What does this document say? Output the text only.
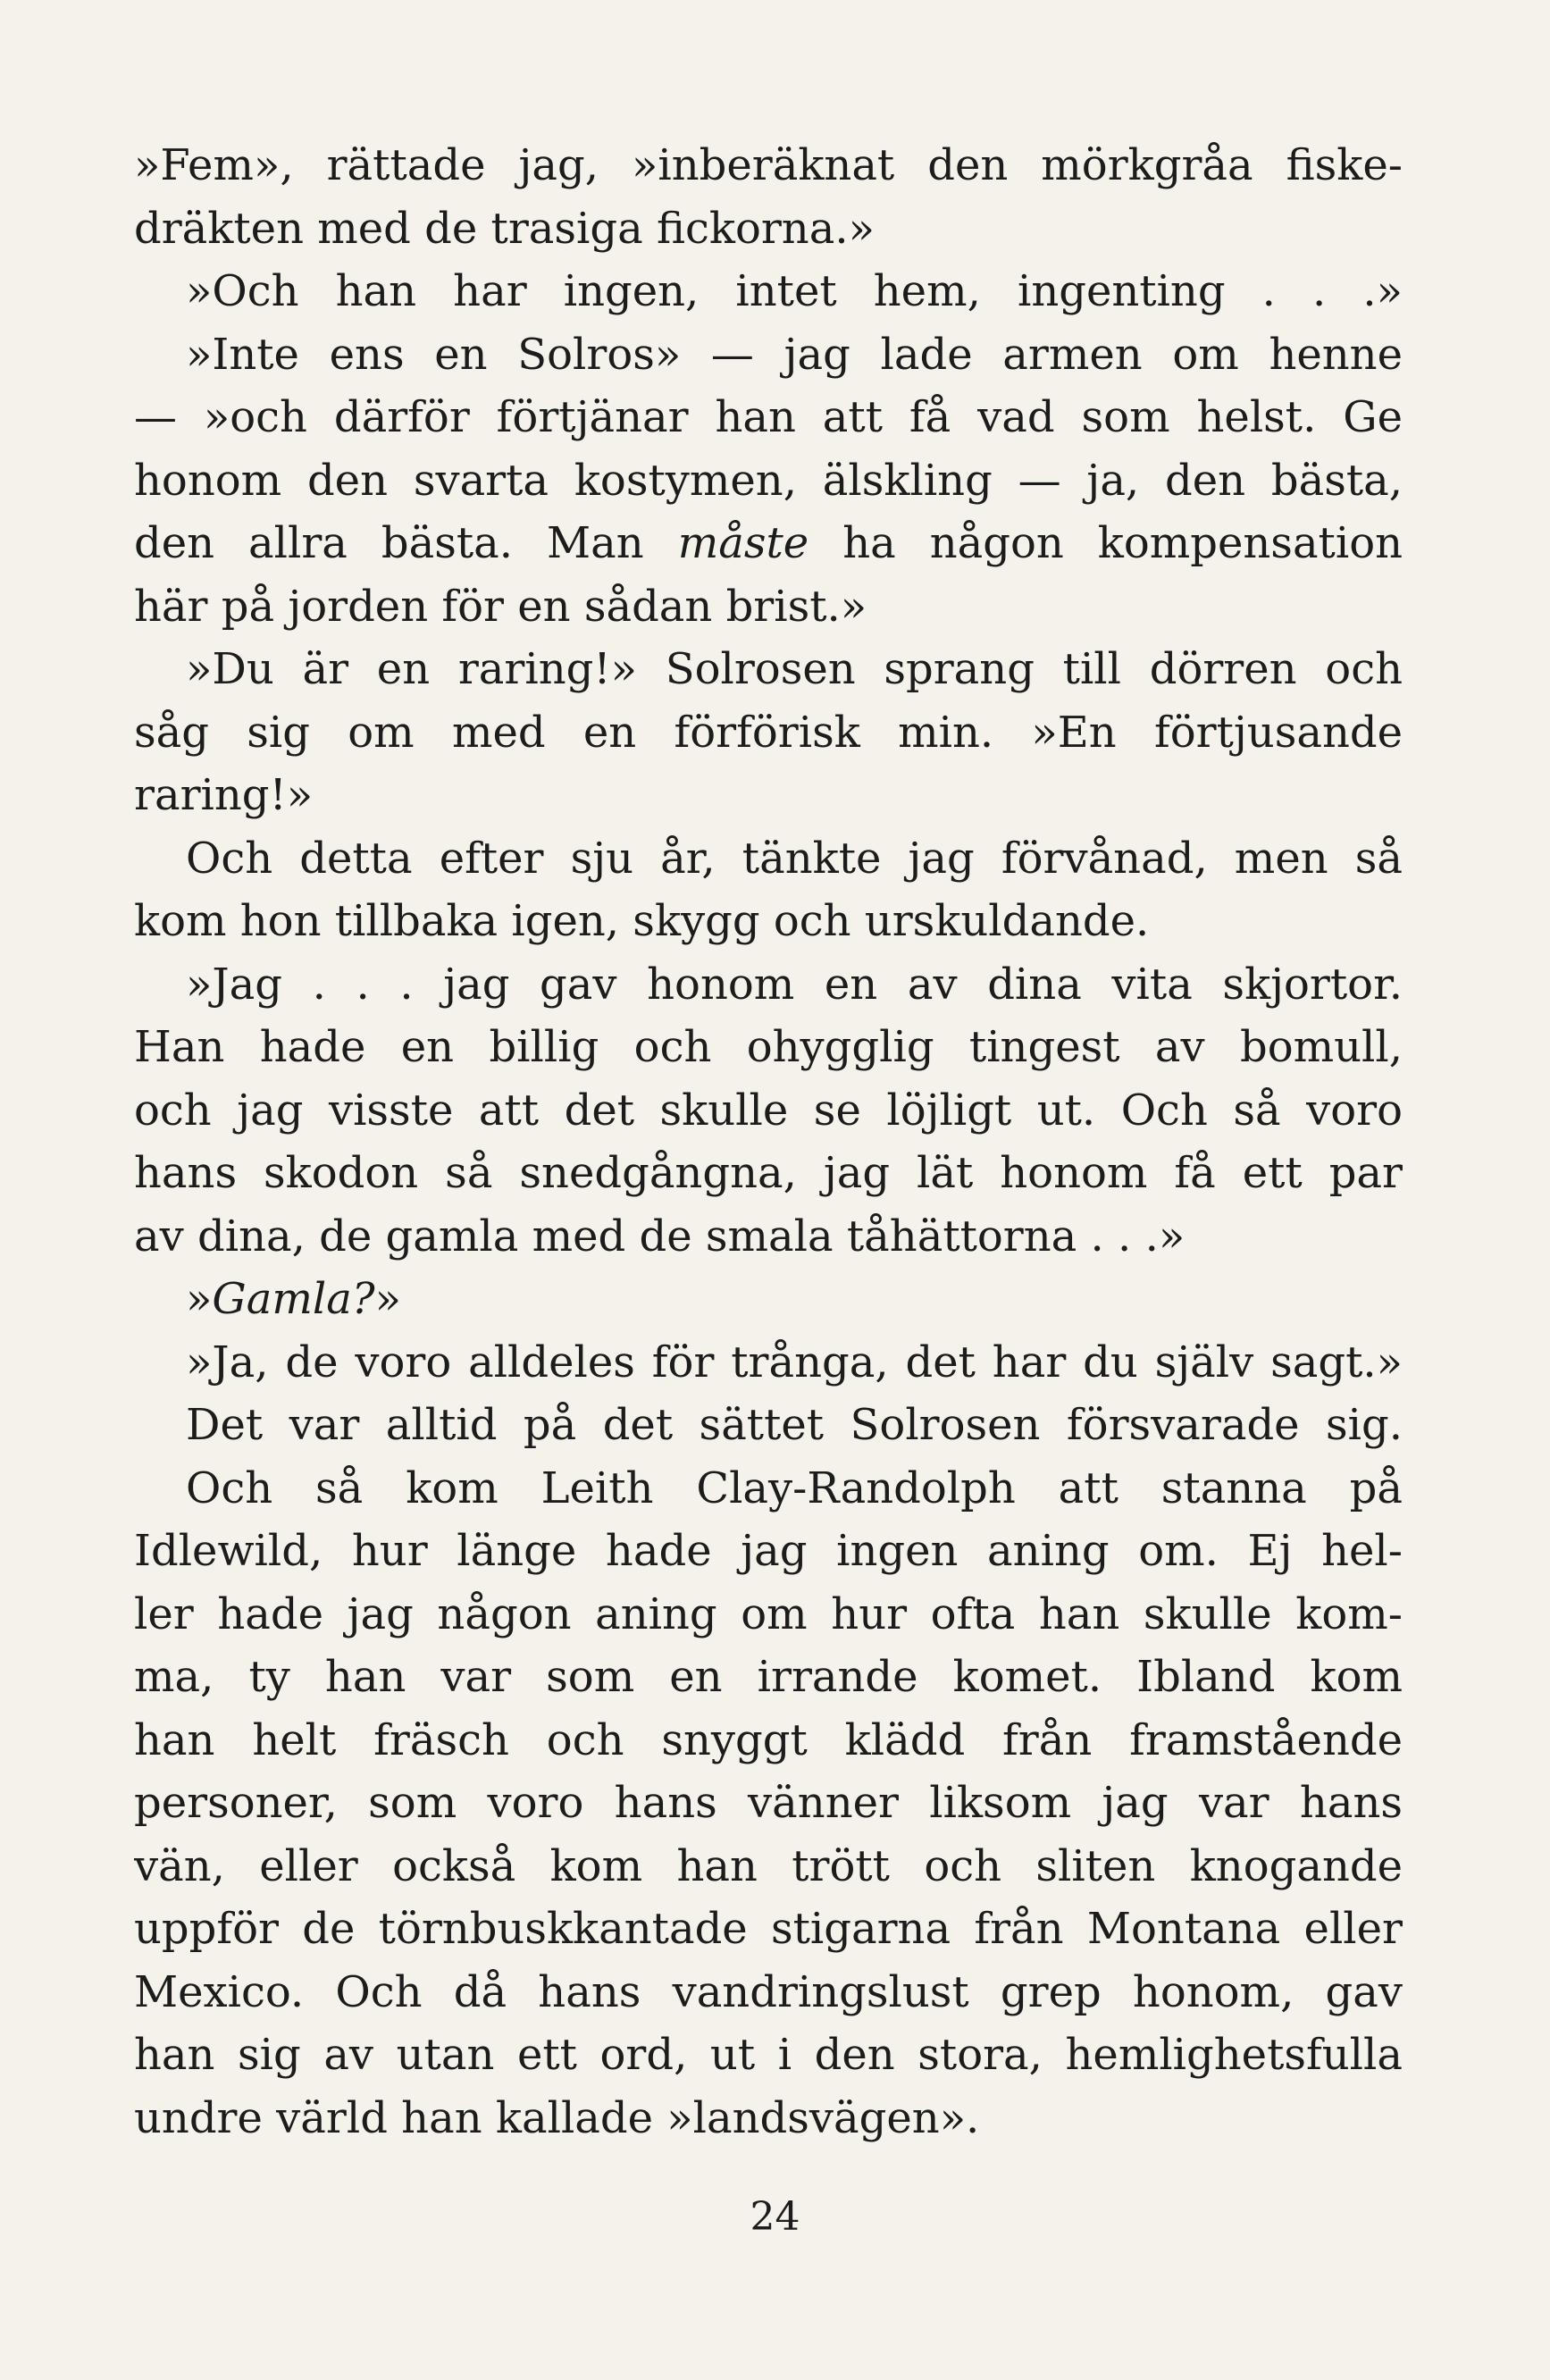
»Fem», rättade jag, »inberäknat den mörkgråa fiske-
dräkten med de trasiga fickorna.»
»Och han har ingen, intet hem, ingenting . . .»
»Inte ens en Solros» — jag lade armen om henne
— »och därför förtjänar han att få vad som helst. Ge
honom den svarta kostymen, älskling — ja, den bästa,
den allra bästa. Man måste ha någon kompensation
här på jorden för en sådan brist.»
»Du är en raring!» Solrosen sprang till dörren och
såg sig om med en förförisk min. »En förtjusande
raring!»
Och detta efter sju år, tänkte jag förvånad, men så
kom hon tillbaka igen, skygg och urskuldande.
»Jag . . . jag gav honom en av dina vita skjortor.
Han hade en billig och ohygglig tingest av bomull,
och jag visste att det skulle se löjligt ut. Och så voro
hans skodon så snedgångna, jag lät honom få ett par
av dina, de gamla med de smala tåhättorna . . .»
»Gamla?»
»Ja, de voro alldeles för trånga, det har du själv sagt.»
Det var alltid på det sättet Solrosen försvarade sig.
Och så kom Leith Clay-Randolph att stanna på
Idlewild, hur länge hade jag ingen aning om. Ej hel-
ler hade jag någon aning om hur ofta han skulle kom-
ma, ty han var som en irrande komet. Ibland kom
han helt fräsch och snyggt klädd från framstående
personer, som voro hans vänner liksom jag var hans
vän, eller också kom han trött och sliten knogande
uppför de törnbuskkantade stigarna från Montana eller
Mexico. Och då hans vandringslust grep honom, gav
han sig av utan ett ord, ut i den stora, hemlighetsfulla
undre värld han kallade »landsvägen».
24
